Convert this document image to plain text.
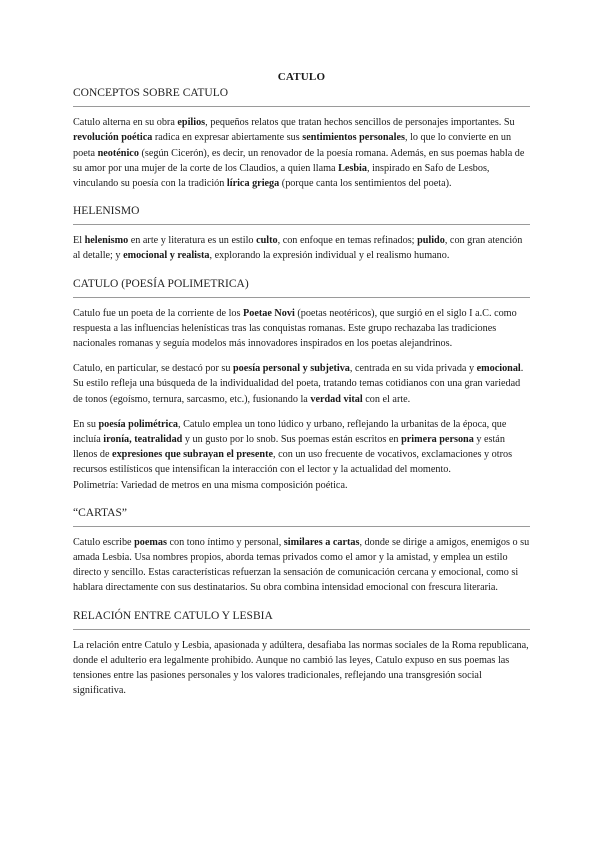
CATULO
CONCEPTOS SOBRE CATULO

Catulo alterna en su obra epilios, pequeños relatos que tratan hechos sencillos de personajes importantes. Su revolución poética radica en expresar abiertamente sus sentimientos personales, lo que lo convierte en un poeta neoténico (según Cicerón), es decir, un renovador de la poesía romana. Además, en sus poemas habla de su amor por una mujer de la corte de los Claudios, a quien llama Lesbia, inspirado en Safo de Lesbos, vinculando su poesía con la tradición lírica griega (porque canta los sentimientos del poeta).

HELENISMO

El helenismo en arte y literatura es un estilo culto, con enfoque en temas refinados; pulido, con gran atención al detalle; y emocional y realista, explorando la expresión individual y el realismo humano.

CATULO (POESÍA POLIMETRICA)

Catulo fue un poeta de la corriente de los Poetae Novi (poetas neotéricos), que surgió en el siglo I a.C. como respuesta a las influencias helenísticas tras las conquistas romanas. Este grupo rechazaba las tradiciones nacionales romanas y seguía modelos más innovadores inspirados en los poetas alejandrinos.

Catulo, en particular, se destacó por su poesía personal y subjetiva, centrada en su vida privada y emocional. Su estilo refleja una búsqueda de la individualidad del poeta, tratando temas cotidianos con una gran variedad de tonos (egoísmo, ternura, sarcasmo, etc.), fusionando la verdad vital con el arte.

En su poesía polimétrica, Catulo emplea un tono lúdico y urbano, reflejando la urbanitas de la época, que incluía ironía, teatralidad y un gusto por lo snob. Sus poemas están escritos en primera persona y están llenos de expresiones que subrayan el presente, con un uso frecuente de vocativos, exclamaciones y otros recursos estilísticos que intensifican la interacción con el lector y la actualidad del momento.

Polimetría: Variedad de metros en una misma composición poética.

“CARTAS”

Catulo escribe poemas con tono íntimo y personal, similares a cartas, donde se dirige a amigos, enemigos o su amada Lesbia. Usa nombres propios, aborda temas privados como el amor y la amistad, y emplea un estilo directo y sencillo. Estas características refuerzan la sensación de comunicación cercana y emocional, como si hablara directamente con sus destinatarios. Su obra combina intensidad emocional con frescura literaria.

RELACIÓN ENTRE CATULO Y LESBIA

La relación entre Catulo y Lesbia, apasionada y adúltera, desafiaba las normas sociales de la Roma republicana, donde el adulterio era legalmente prohibido. Aunque no cambió las leyes, Catulo expuso en sus poemas las tensiones entre las pasiones personales y los valores tradicionales, reflejando una transgresión social significativa.
